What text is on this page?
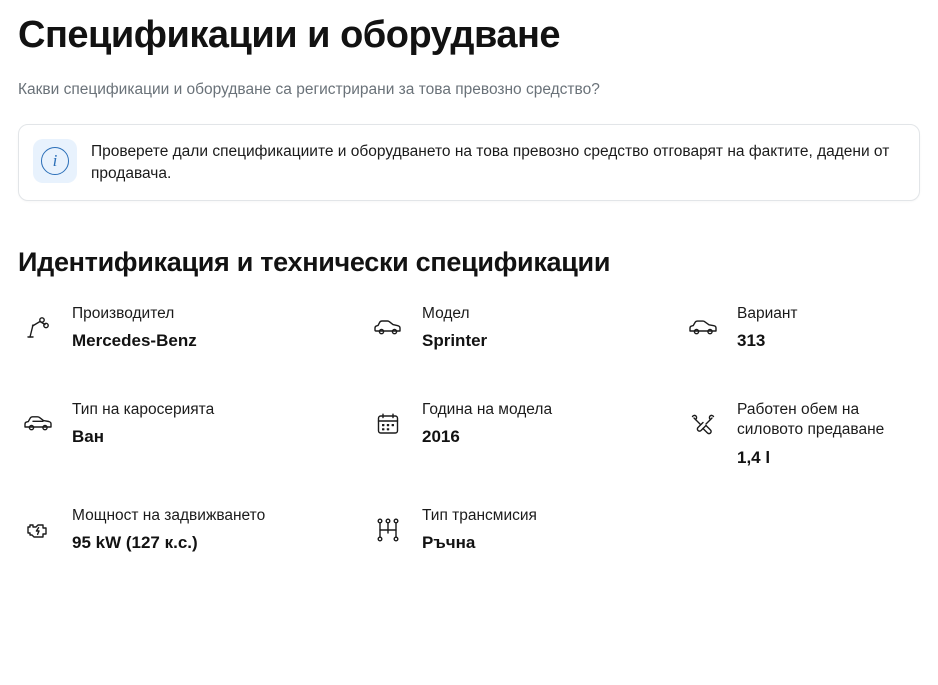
Спецификации и оборудване

Какви спецификации и оборудване са регистрирани за това превозно средство?

i	Проверете дали спецификациите и оборудването на това превозно средство отговарят на фактите, дадени от продавача.
Идентификация и технически спецификации
Производител
Mercedes-Benz
Модел
Sprinter
Вариант
313
Тип на каросерията
Ван
Година на модела
2016
Работен обем на силовото предаване
1,4 l
Мощност на задвижването
95 kW (127 к.с.)
Тип трансмисия
Ръчна
